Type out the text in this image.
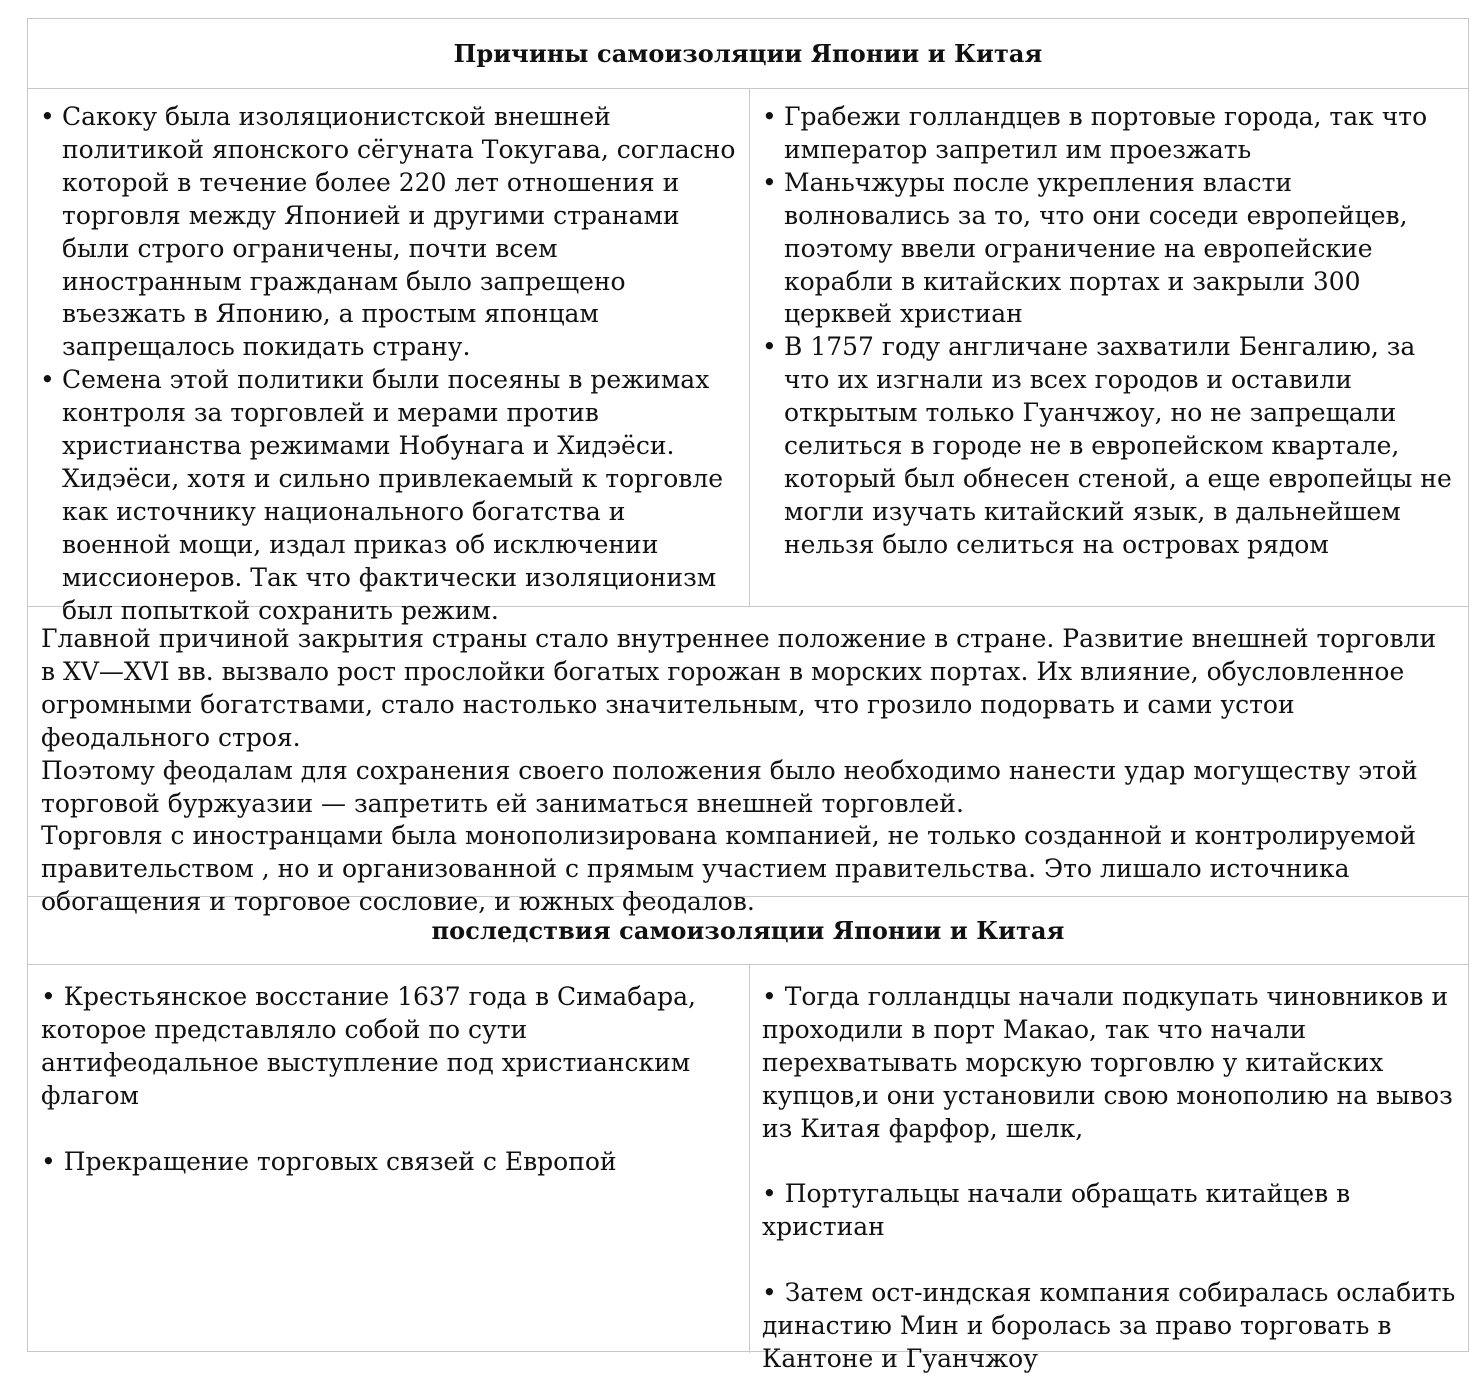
Причины самоизоляции Японии и Китая
• Сакоку была изоляционистской внешней политикой японского сёгуната Токугава, согласно которой в течение более 220 лет отношения и торговля между Японией и другими странами были строго ограничены, почти всем иностранным гражданам было запрещено въезжать в Японию, а простым японцам запрещалось покидать страну.
• Семена этой политики были посеяны в режимах контроля за торговлей и мерами против христианства режимами Нобунага и Хидэёси. Хидэёси, хотя и сильно привлекаемый к торговле как источнику национального богатства и военной мощи, издал приказ об исключении миссионеров. Так что фактически изоляционизм был попыткой сохранить режим.
• Грабежи голландцев в портовые города, так что император запретил им проезжать
• Маньчжуры после укрепления власти волновались за то, что они соседи европейцев, поэтому ввели ограничение на европейские корабли в китайских портах и закрыли 300 церквей христиан
• В 1757 году англичане захватили Бенгалию, за что их изгнали из всех городов и оставили открытым только Гуанчжоу, но не запрещали селиться в городе не в европейском квартале, который был обнесен стеной, а еще европейцы не могли изучать китайский язык, в дальнейшем нельзя было селиться на островах рядом

Главной причиной закрытия страны стало внутреннее положение в стране. Развитие внешней торговли в XV—XVI вв. вызвало рост прослойки богатых горожан в морских портах. Их влияние, обусловленное огромными богатствами, стало настолько значительным, что грозило подорвать и сами устои феодального строя.

Поэтому феодалам для сохранения своего положения было необходимо нанести удар могуществу этой торговой буржуазии — запретить ей заниматься внешней торговлей.

Торговля с иностранцами была монополизирована компанией, не только созданной и контролируемой правительством , но и организованной с прямым участием правительства. Это лишало источника обогащения и торговое сословие, и южных феодалов.

последствия самоизоляции Японии и Китая
• Крестьянское восстание 1637 года в Симабара, которое представляло собой по сути антифеодальное выступление под христианским флагом
• Прекращение торговых связей с Европой
• Тогда голландцы начали подкупать чиновников и проходили в порт Макао, так что начали перехватывать морскую торговлю у китайских купцов,и они установили свою монополию на вывоз из Китая фарфор, шелк,
• Португальцы начали обращать китайцев в христиан
• Затем ост-индская компания собиралась ослабить династию Мин и боролась за право торговать в Кантоне и Гуанчжоу
